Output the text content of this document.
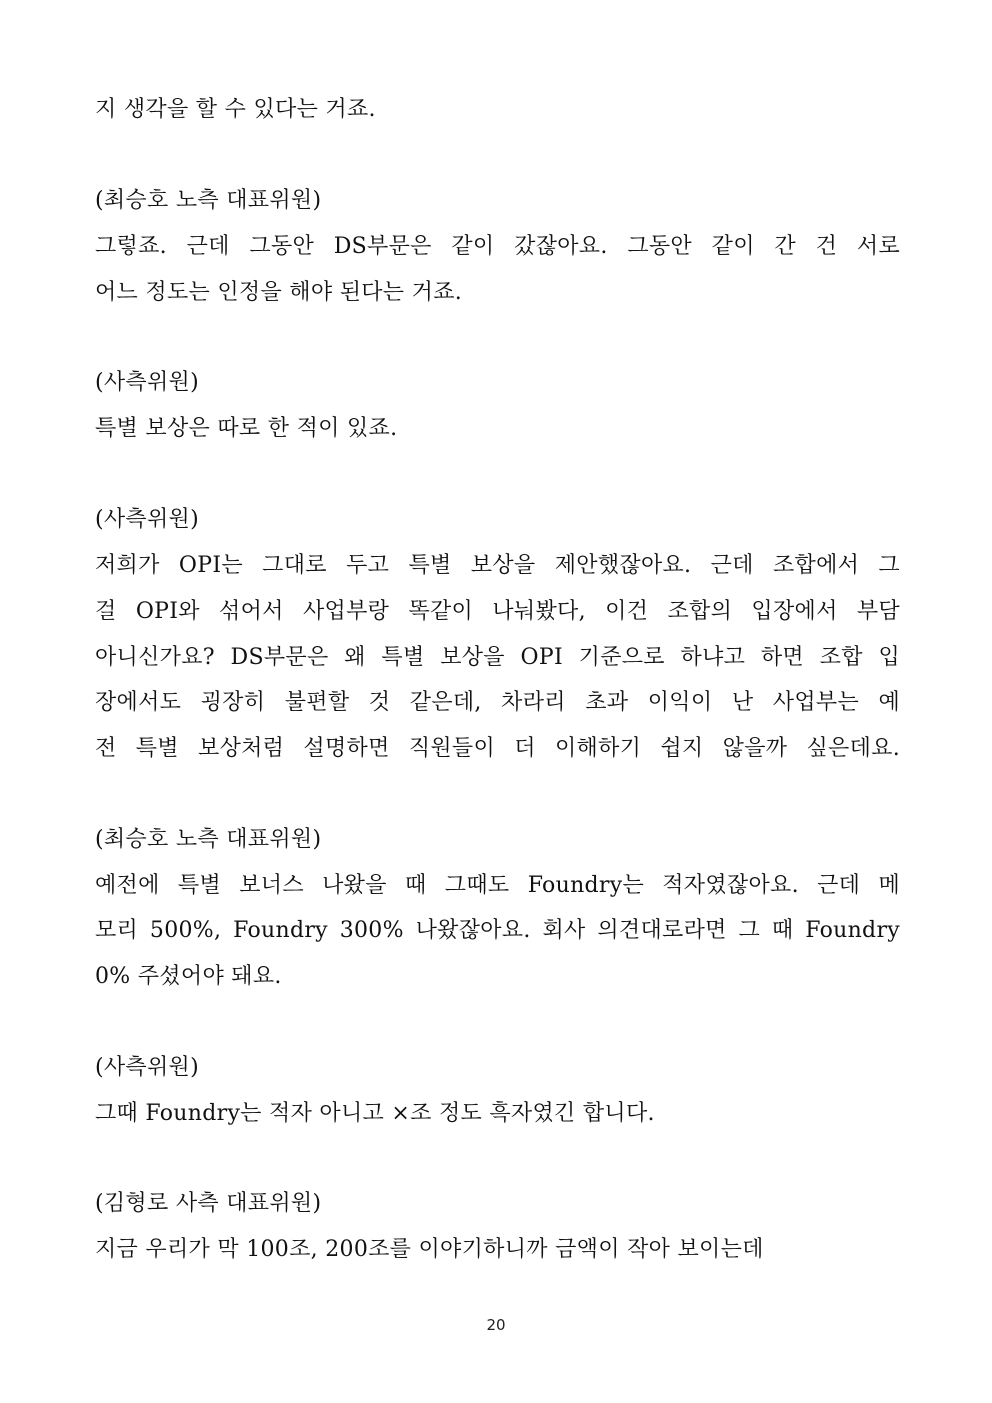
지 생각을 할 수 있다는 거죠.
(최승호 노측 대표위원)
그렇죠. 근데 그동안 DS부문은 같이 갔잖아요. 그동안 같이 간 건 서로
어느 정도는 인정을 해야 된다는 거죠.
(사측위원)
특별 보상은 따로 한 적이 있죠.
(사측위원)
저희가 OPI는 그대로 두고 특별 보상을 제안했잖아요. 근데 조합에서 그
걸 OPI와 섞어서 사업부랑 똑같이 나눠봤다, 이건 조합의 입장에서 부담
아니신가요? DS부문은 왜 특별 보상을 OPI 기준으로 하냐고 하면 조합 입
장에서도 굉장히 불편할 것 같은데, 차라리 초과 이익이 난 사업부는 예
전 특별 보상처럼 설명하면 직원들이 더 이해하기 쉽지 않을까 싶은데요.
(최승호 노측 대표위원)
예전에 특별 보너스 나왔을 때 그때도 Foundry는 적자였잖아요. 근데 메
모리 500%, Foundry 300% 나왔잖아요. 회사 의견대로라면 그 때 Foundry
0% 주셨어야 돼요.
(사측위원)
그때 Foundry는 적자 아니고 ×조 정도 흑자였긴 합니다.
(김형로 사측 대표위원)
지금 우리가 막 100조, 200조를 이야기하니까 금액이 작아 보이는데
20
